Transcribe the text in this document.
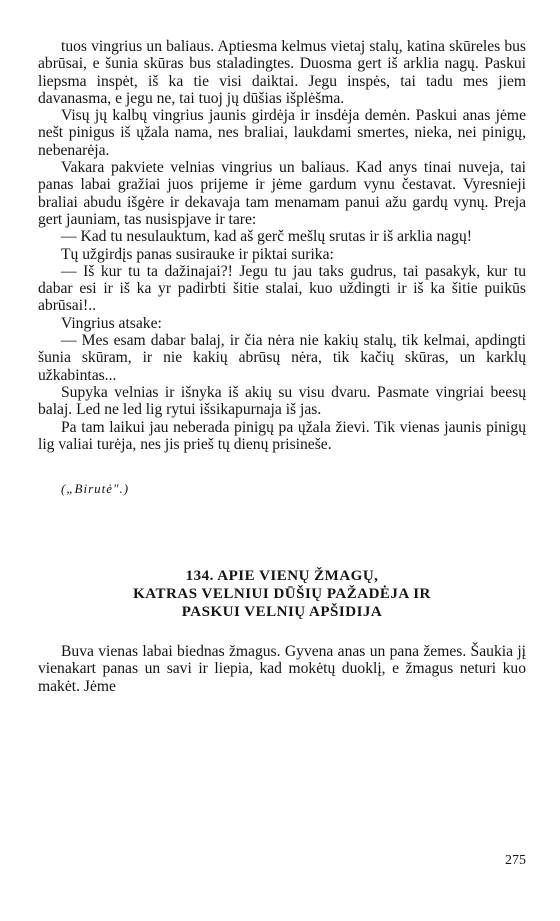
tuos vingrius un baliaus. Aptiesma kelmus vietaj stalų, katina skūreles bus abrūsai, e šunia skūras bus staladingtes. Duosma gert iš arklia nagų. Paskui liepsma inspėt, iš ka tie visi daiktai. Jegu inspės, tai tadu mes jiem davanasma, e jegu ne, tai tuoj jų dūšias išplėšma.

Visų jų kalbų vingrius jaunis girdėja ir insdėja demėn. Paskui anas jėme nešt pinigus iš ųžala nama, nes braliai, laukdami smertes, nieka, nei pinigų, nebenarėja.

Vakara pakviete velnias vingrius un baliaus. Kad anys tinai nuveja, tai panas labai gražiai juos prijeme ir jėme gardum vynu čestavat. Vyresnieji braliai abudu išgėre ir dekavaja tam menamam panui ažu gardų vynų. Preja gert jauniam, tas nusispjave ir tare:

— Kad tu nesulauktum, kad aš gerč mešlų srutas ir iš arklia nagų!

Tų užgirdįs panas susirauke ir piktai surika:

— Iš kur tu ta dažinajai?! Jegu tu jau taks gudrus, tai pasakyk, kur tu dabar esi ir iš ka yr padirbti šitie stalai, kuo uždingti ir iš ka šitie puikūs abrūsai!..

Vingrius atsake:

— Mes esam dabar balaj, ir čia nėra nie kakių stalų, tik kelmai, apdingti šunia skūram, ir nie kakių abrūsų nėra, tik kačių skūras, un karklų užkabintas...

Supyka velnias ir išnyka iš akių su visu dvaru. Pasmate vingriai beesų balaj. Led ne led lig rytui išsikapurnaja iš jas.

Pa tam laikui jau neberada pinigų pa ųžala žievi. Tik vienas jaunis pinigų lig valiai turėja, nes jis prieš tų dienų prisineše.

(„Birutė".)

134. APIE VIENŲ ŽMAGŲ,
KATRAS VELNIUI DŪŠIŲ PAŽADĖJA IR
PASKUI VELNIŲ APŠIDIJA

Buva vienas labai biednas žmagus. Gyvena anas un pana žemes. Šaukia jį vienakart panas un savi ir liepia, kad mokėtų duoklį, e žmagus neturi kuo makėt. Jėme

275
